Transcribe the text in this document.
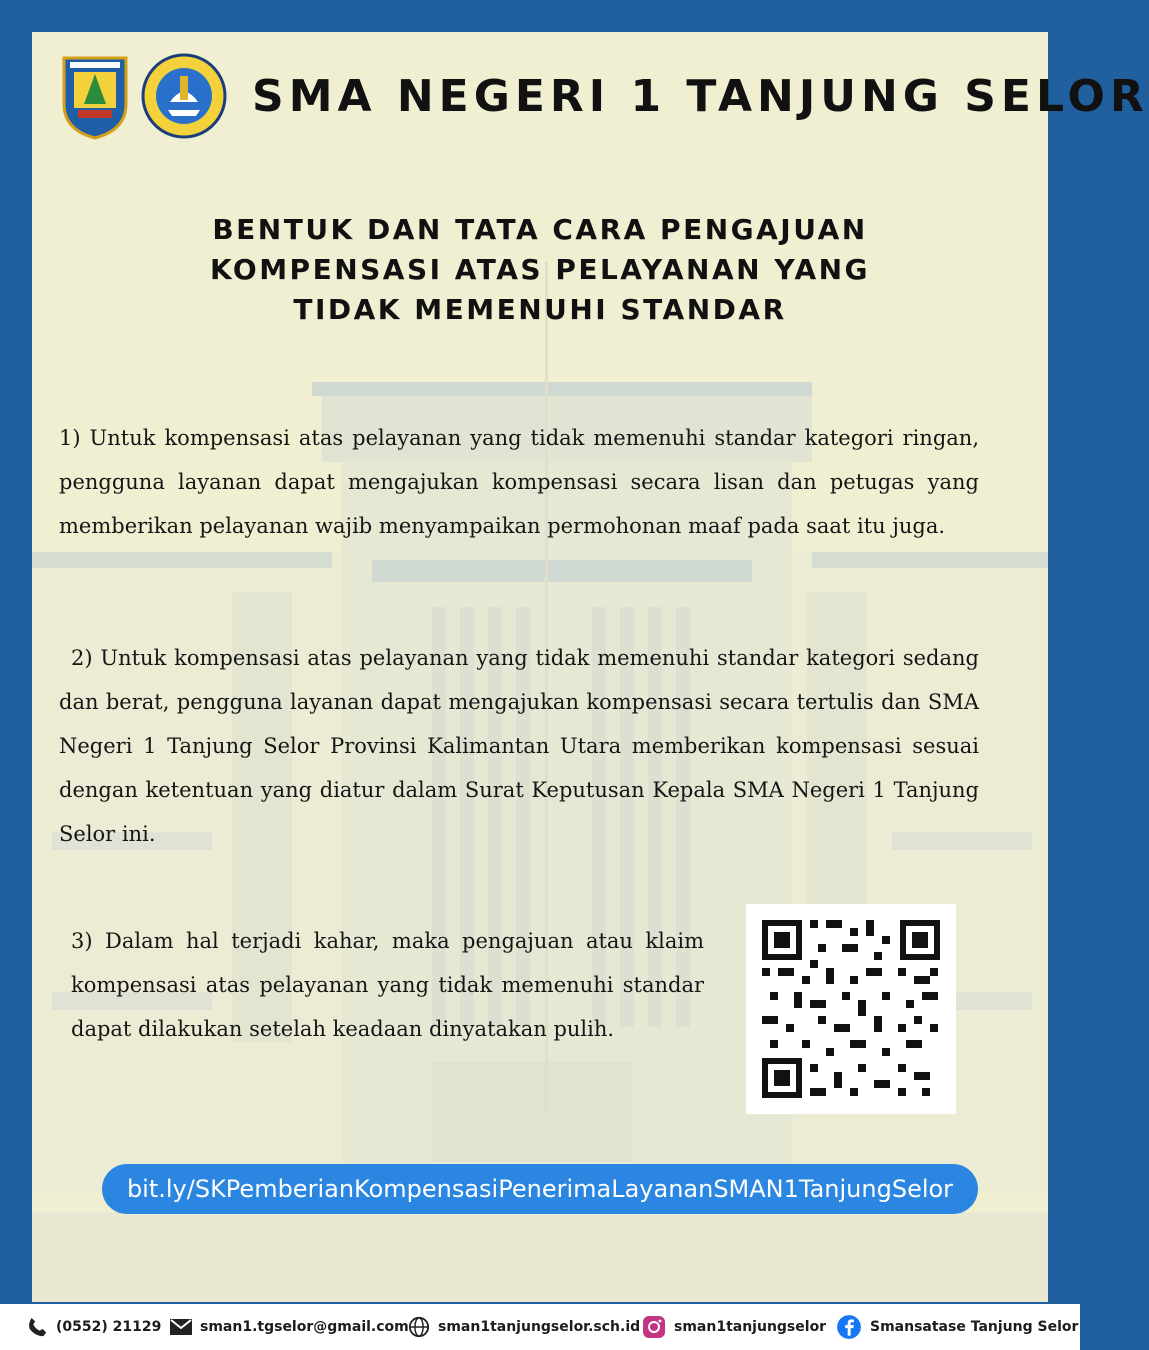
SMA NEGERI 1 TANJUNG SELOR
BENTUK DAN TATA CARA PENGAJUAN
KOMPENSASI ATAS PELAYANAN YANG
TIDAK MEMENUHI STANDAR
1) Untuk kompensasi atas pelayanan yang tidak memenuhi standar kategori ringan, pengguna layanan dapat mengajukan kompensasi secara lisan dan petugas yang memberikan pelayanan wajib menyampaikan permohonan maaf pada saat itu juga.
2) Untuk kompensasi atas pelayanan yang tidak memenuhi standar kategori sedang dan berat, pengguna layanan dapat mengajukan kompensasi secara tertulis dan SMA Negeri 1 Tanjung Selor Provinsi Kalimantan Utara memberikan kompensasi sesuai dengan ketentuan yang diatur dalam Surat Keputusan Kepala SMA Negeri 1 Tanjung Selor ini.
3) Dalam hal terjadi kahar, maka pengajuan atau klaim kompensasi atas pelayanan yang tidak memenuhi standar dapat dilakukan setelah keadaan dinyatakan pulih.
bit.ly/SKPemberianKompensasiPenerimaLayananSMAN1TanjungSelor
(0552) 21129	sman1.tgselor@gmail.com sman1tanjungselor.sch.id sman1tanjungselor	Smansatase Tanjung Selor
